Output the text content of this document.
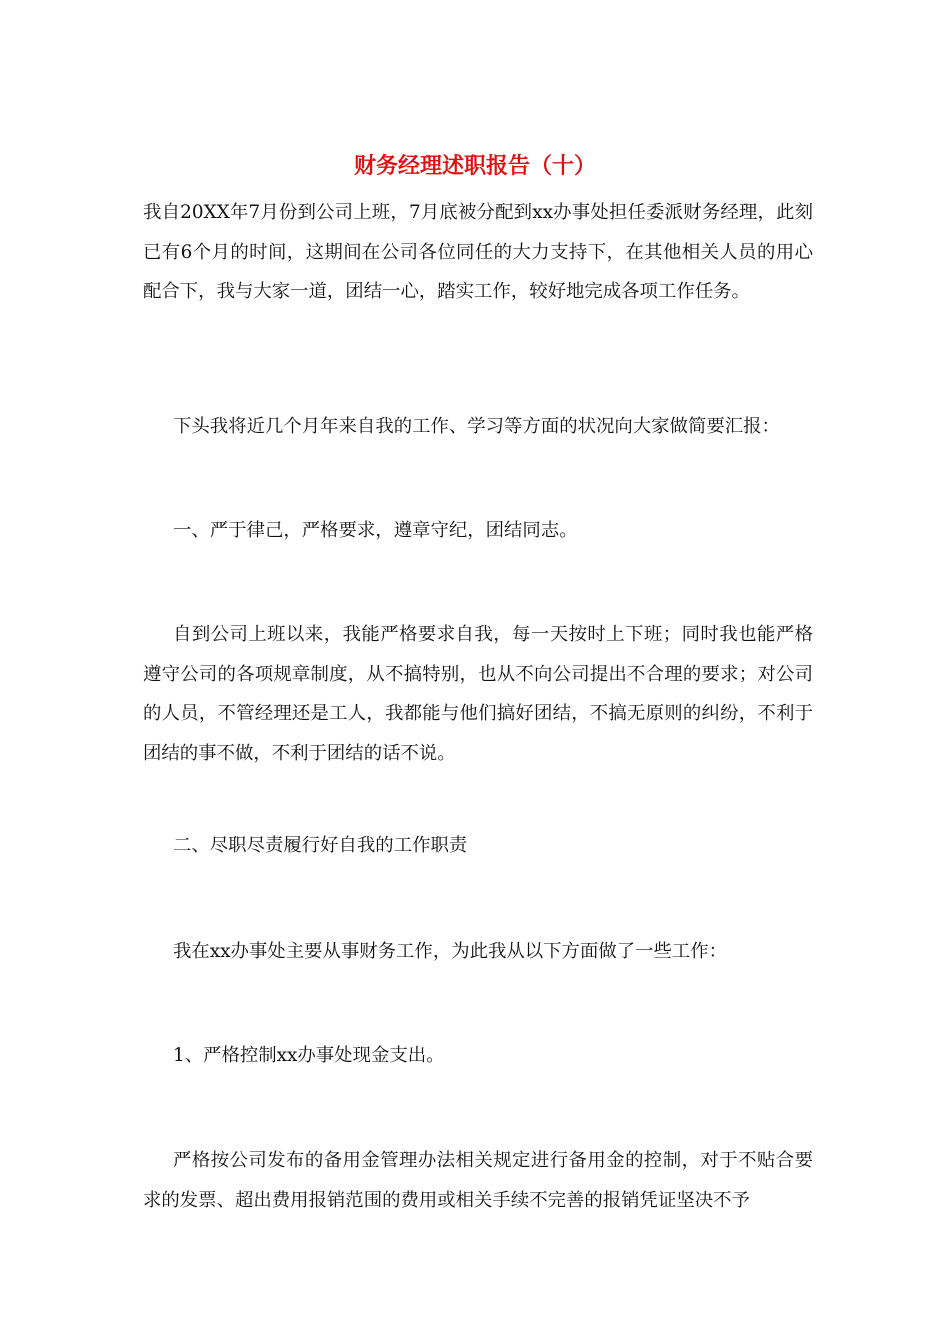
财务经理述职报告（十）

我自20XX年7月份到公司上班，7月底被分配到xx办事处担任委派财务经理，此刻已有6个月的时间，这期间在公司各位同任的大力支持下，在其他相关人员的用心配合下，我与大家一道，团结一心，踏实工作，较好地完成各项工作任务。

下头我将近几个月年来自我的工作、学习等方面的状况向大家做简要汇报：

一、严于律己，严格要求，遵章守纪，团结同志。

自到公司上班以来，我能严格要求自我，每一天按时上下班；同时我也能严格遵守公司的各项规章制度，从不搞特别，也从不向公司提出不合理的要求；对公司的人员，不管经理还是工人，我都能与他们搞好团结，不搞无原则的纠纷，不利于团结的事不做，不利于团结的话不说。

二、尽职尽责履行好自我的工作职责

我在xx办事处主要从事财务工作，为此我从以下方面做了一些工作：

1、严格控制xx办事处现金支出。

严格按公司发布的备用金管理办法相关规定进行备用金的控制，对于不贴合要求的发票、超出费用报销范围的费用或相关手续不完善的报销凭证坚决不予
